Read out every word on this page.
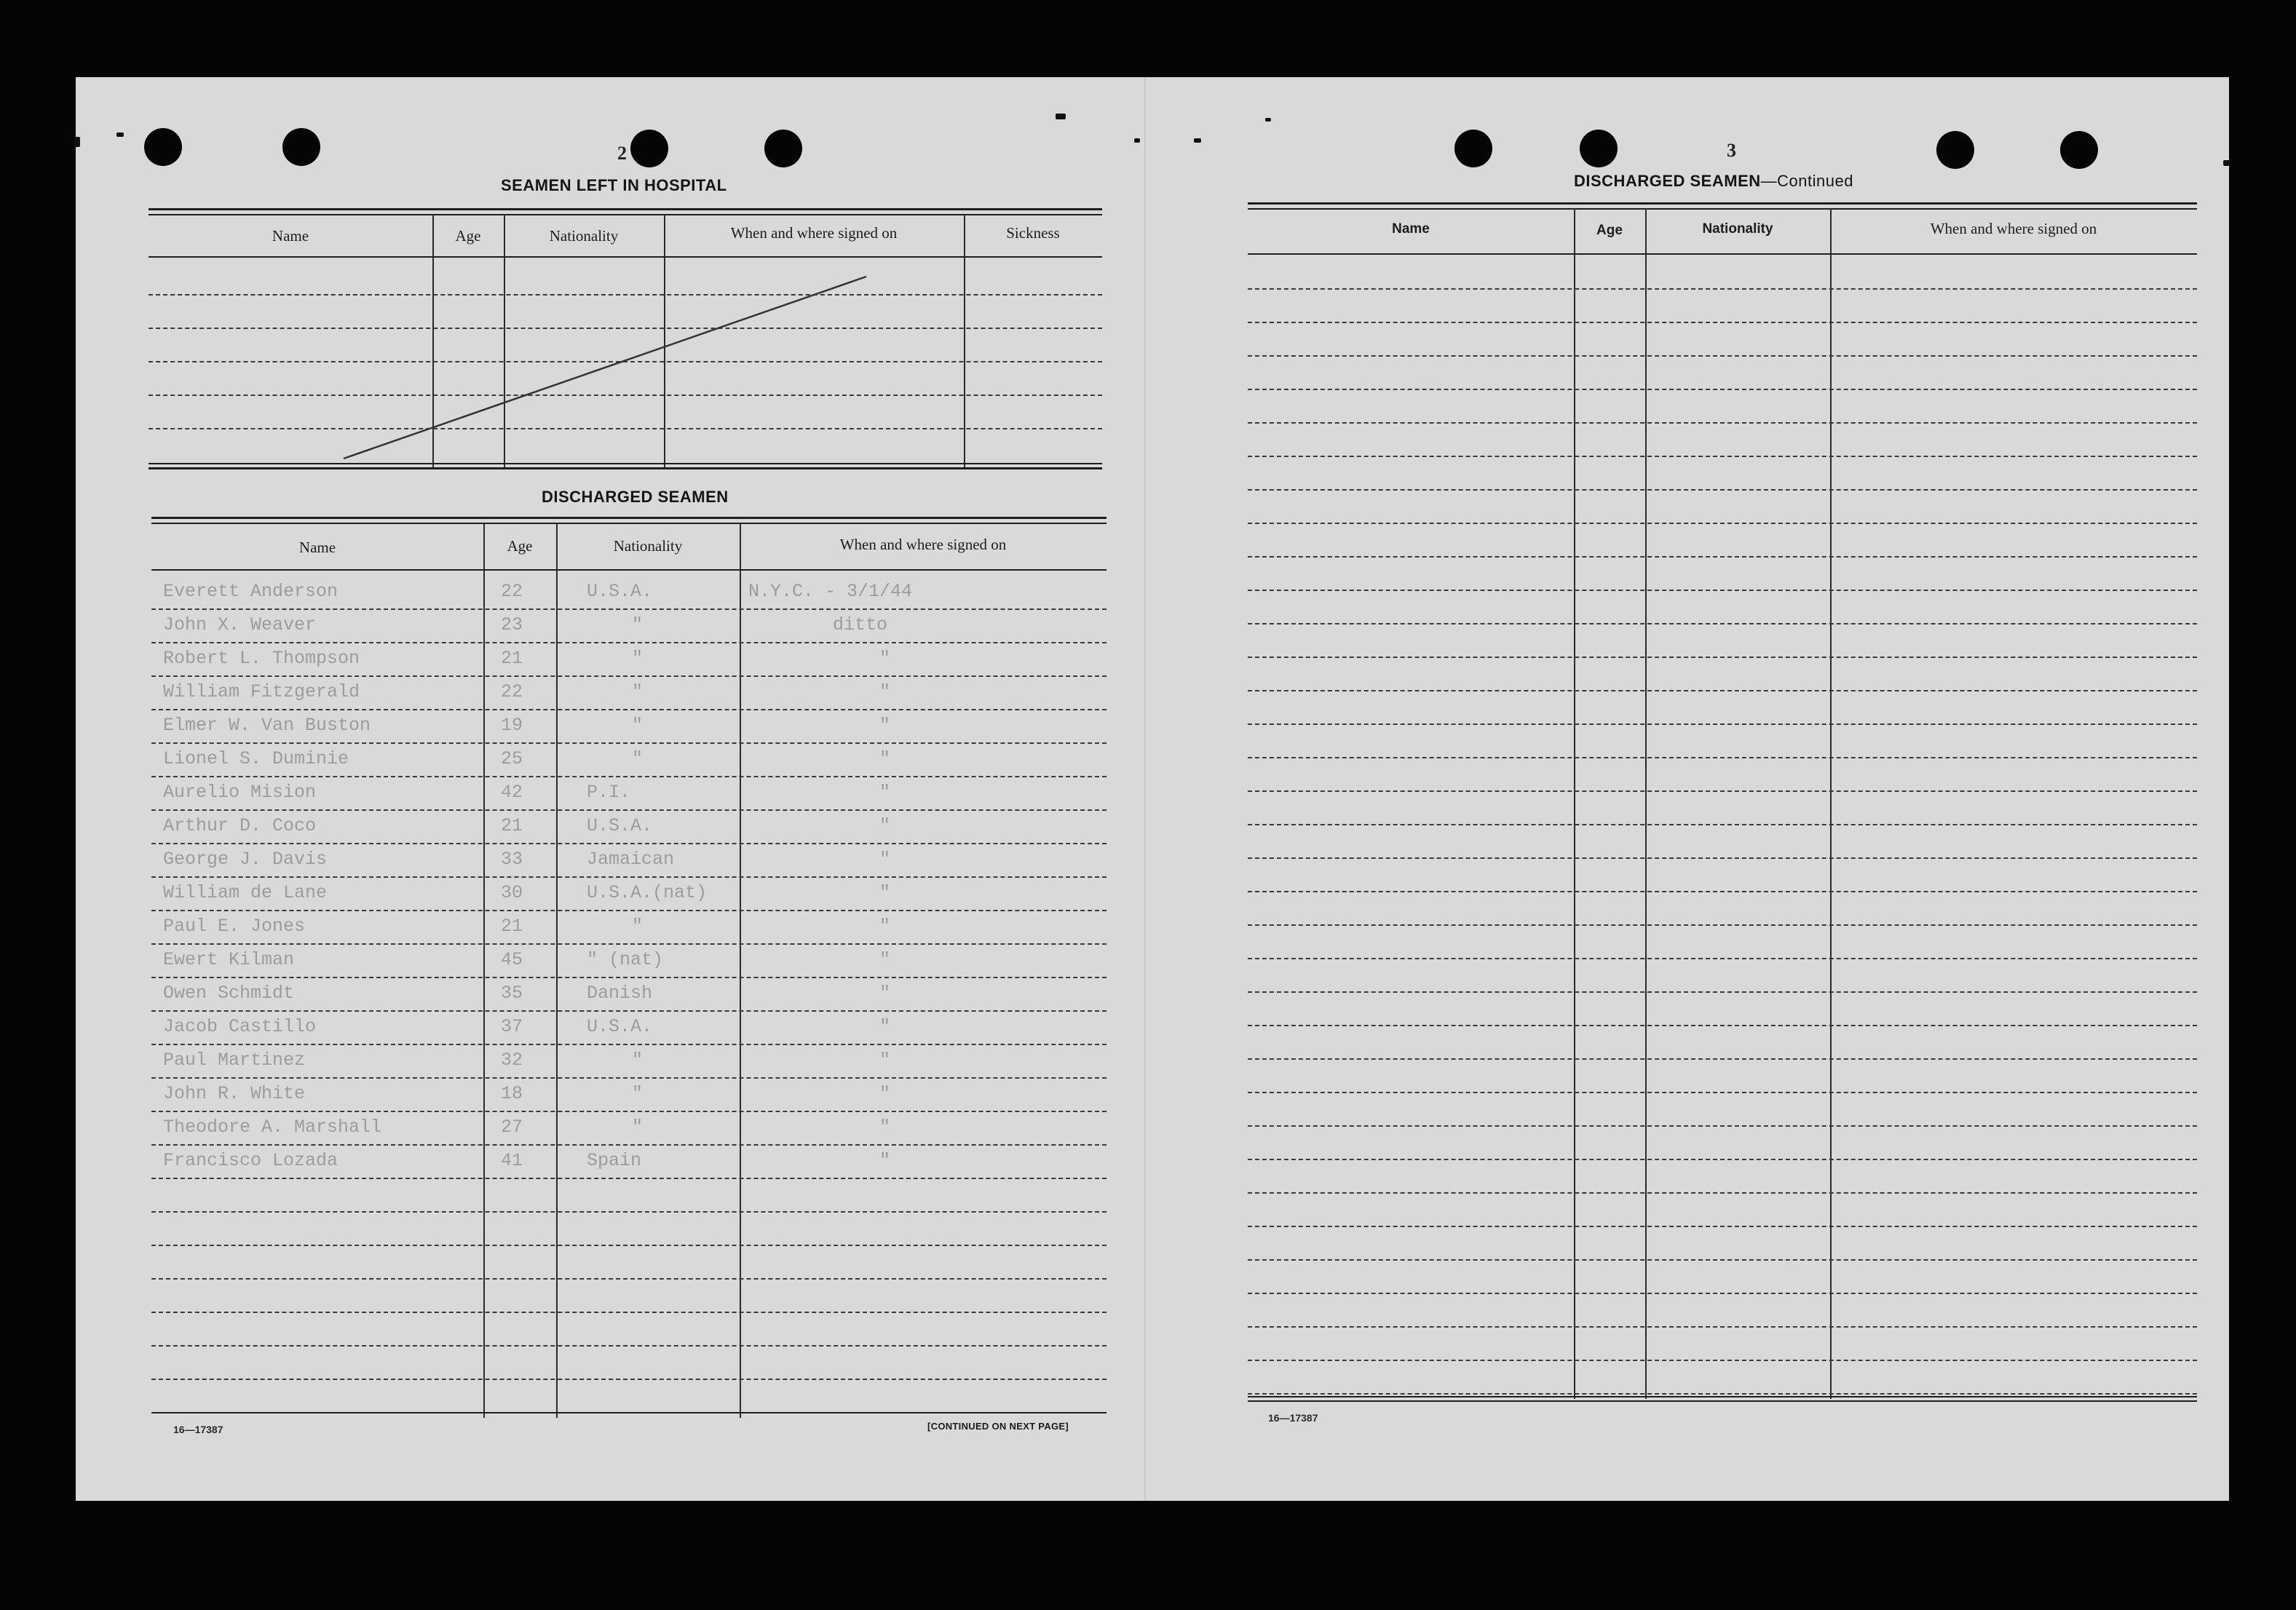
2
SEAMEN LEFT IN HOSPITAL
Name	Age	Nationality	When and where signed on	Sickness
DISCHARGED SEAMEN
Name	Age	Nationality	When and where signed on
Everett Anderson	22	U.S.A.	N.Y.C. - 3/1/44
John X. Weaver	23	"	ditto
Robert L. Thompson	21	"	"
William Fitzgerald	22	"	"
Elmer W. Van Buston	19	"	"
Lionel S. Duminie	25	"	"
Aurelio Mision	42	P.I.	"
Arthur D. Coco	21	U.S.A.	"
George J. Davis	33	Jamaican	"
William de Lane	30	U.S.A.(nat)	"
Paul E. Jones	21	"	"
Ewert Kilman	45	" (nat)	"
Owen Schmidt	35	Danish	"
Jacob Castillo	37	U.S.A.	"
Paul Martinez	32	"	"
John R. White	18	"	"
Theodore A. Marshall	27	"	"
Francisco Lozada	41	Spain	"
16—17387	[CONTINUED ON NEXT PAGE]
3
DISCHARGED SEAMEN—Continued
Name	Age	Nationality	When and where signed on
16—17387
